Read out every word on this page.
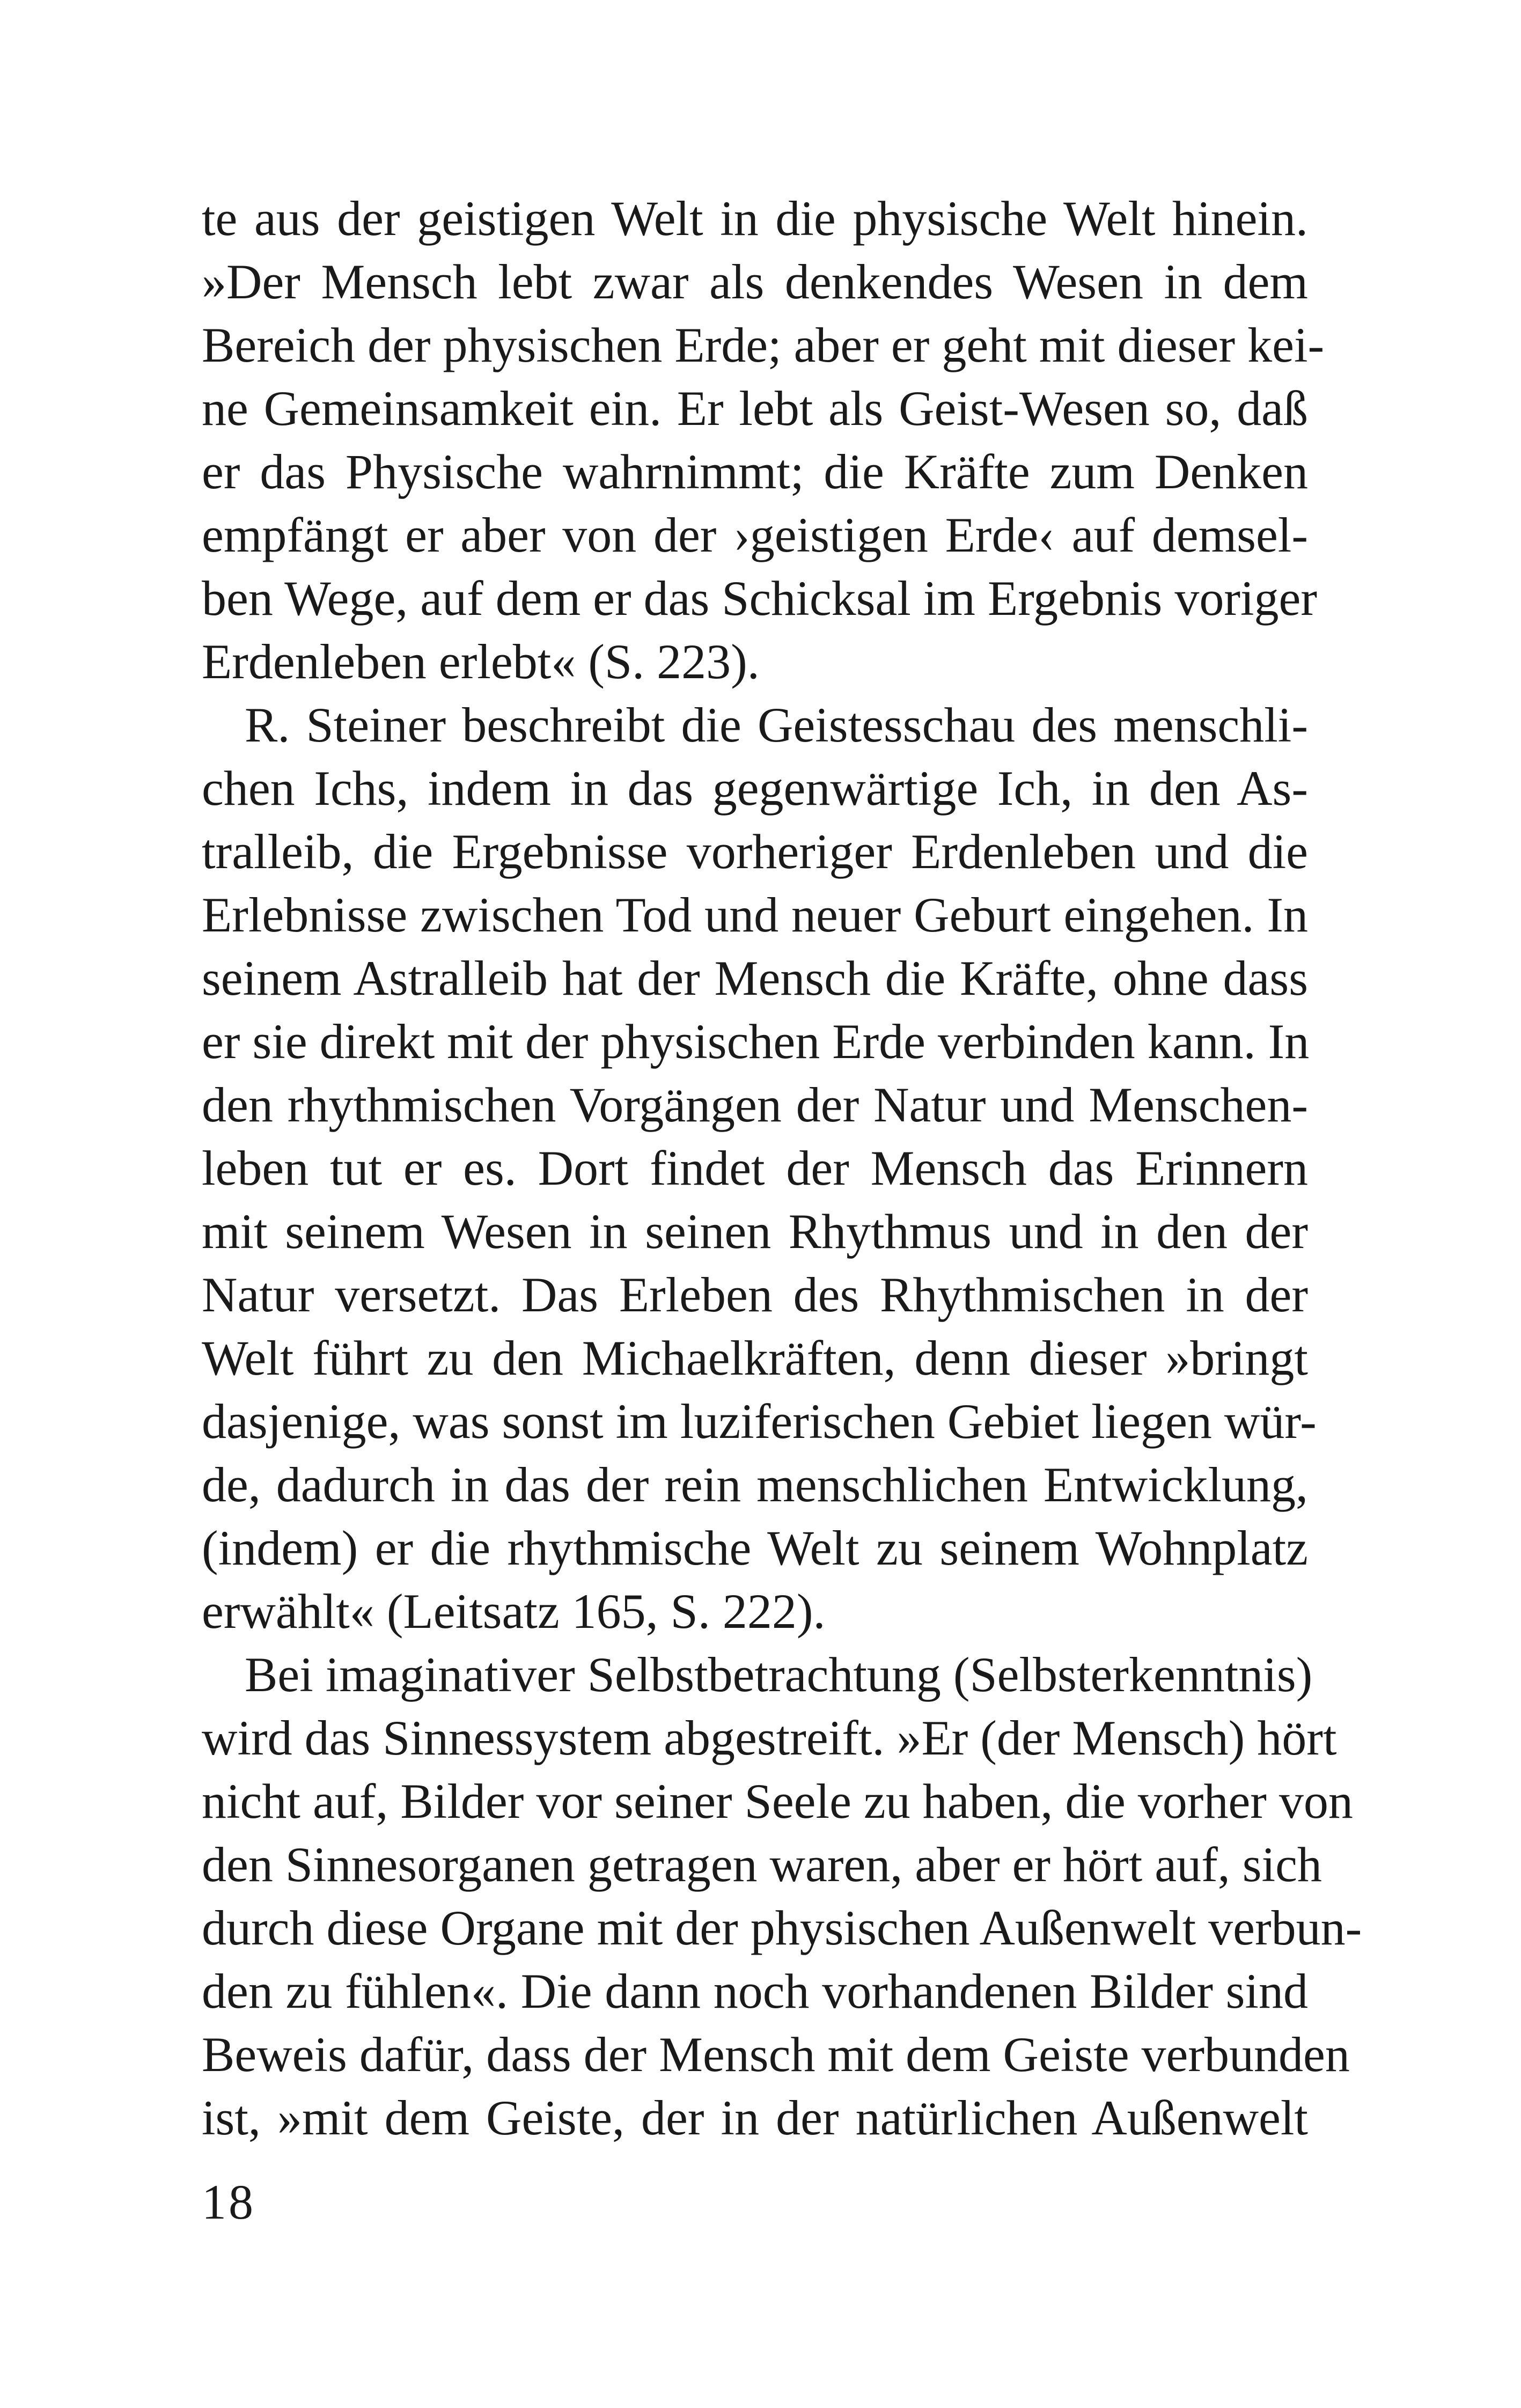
te aus der geistigen Welt in die physische Welt hinein.
»Der Mensch lebt zwar als denkendes Wesen in dem
Bereich der physischen Erde; aber er geht mit dieser kei-
ne Gemeinsamkeit ein. Er lebt als Geist-Wesen so, daß
er das Physische wahrnimmt; die Kräfte zum Denken
empfängt er aber von der ›geistigen Erde‹ auf demsel-
ben Wege, auf dem er das Schicksal im Ergebnis voriger
Erdenleben erlebt« (S. 223).
R. Steiner beschreibt die Geistesschau des menschli-
chen Ichs, indem in das gegenwärtige Ich, in den As-
tralleib, die Ergebnisse vorheriger Erdenleben und die
Erlebnisse zwischen Tod und neuer Geburt eingehen. In
seinem Astralleib hat der Mensch die Kräfte, ohne dass
er sie direkt mit der physischen Erde verbinden kann. In
den rhythmischen Vorgängen der Natur und Menschen-
leben tut er es. Dort findet der Mensch das Erinnern
mit seinem Wesen in seinen Rhythmus und in den der
Natur versetzt. Das Erleben des Rhythmischen in der
Welt führt zu den Michaelkräften, denn dieser »bringt
dasjenige, was sonst im luziferischen Gebiet liegen wür-
de, dadurch in das der rein menschlichen Entwicklung,
(indem) er die rhythmische Welt zu seinem Wohnplatz
erwählt« (Leitsatz 165, S. 222).
Bei imaginativer Selbstbetrachtung (Selbsterkenntnis)
wird das Sinnessystem abgestreift. »Er (der Mensch) hört
nicht auf, Bilder vor seiner Seele zu haben, die vorher von
den Sinnesorganen getragen waren, aber er hört auf, sich
durch diese Organe mit der physischen Außenwelt verbun-
den zu fühlen«. Die dann noch vorhandenen Bilder sind
Beweis dafür, dass der Mensch mit dem Geiste verbunden
ist, »mit dem Geiste, der in der natürlichen Außenwelt
18
